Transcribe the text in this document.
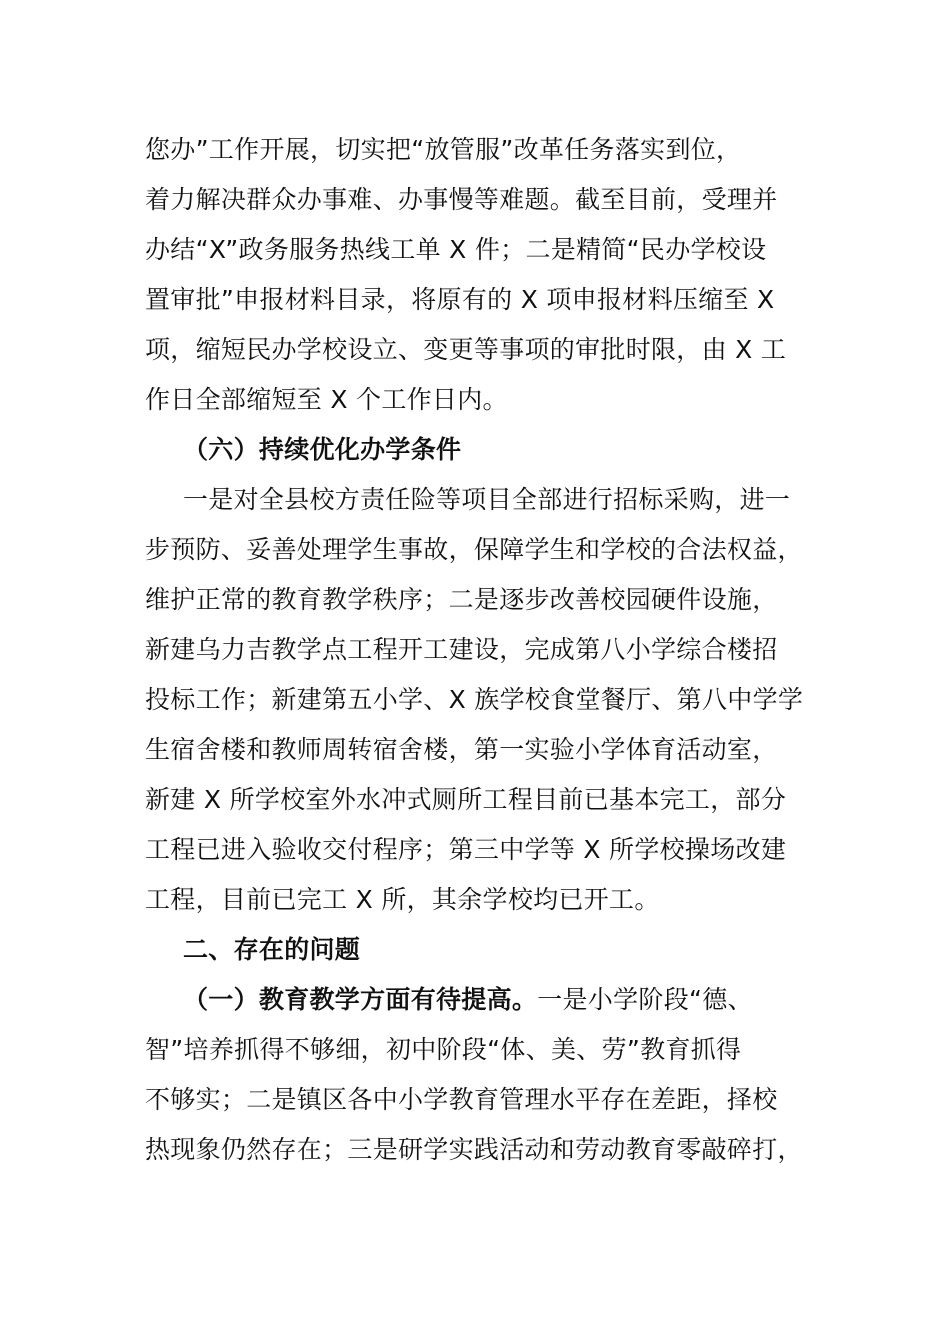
您办”工作开展，切实把“放管服”改革任务落实到位，
着力解决群众办事难、办事慢等难题。截至目前，受理并
办结“X”政务服务热线工单 X 件；二是精简“民办学校设
置审批”申报材料目录，将原有的 X 项申报材料压缩至 X
项，缩短民办学校设立、变更等事项的审批时限，由 X 工
作日全部缩短至 X 个工作日内。
（六）持续优化办学条件
一是对全县校方责任险等项目全部进行招标采购，进一
步预防、妥善处理学生事故，保障学生和学校的合法权益，
维护正常的教育教学秩序；二是逐步改善校园硬件设施，
新建乌力吉教学点工程开工建设，完成第八小学综合楼招
投标工作；新建第五小学、X 族学校食堂餐厅、第八中学学
生宿舍楼和教师周转宿舍楼，第一实验小学体育活动室，
新建 X 所学校室外水冲式厕所工程目前已基本完工，部分
工程已进入验收交付程序；第三中学等 X 所学校操场改建
工程，目前已完工 X 所，其余学校均已开工。
二、存在的问题
（一）教育教学方面有待提高。一是小学阶段“德、
智”培养抓得不够细，初中阶段“体、美、劳”教育抓得
不够实；二是镇区各中小学教育管理水平存在差距，择校
热现象仍然存在；三是研学实践活动和劳动教育零敲碎打，
